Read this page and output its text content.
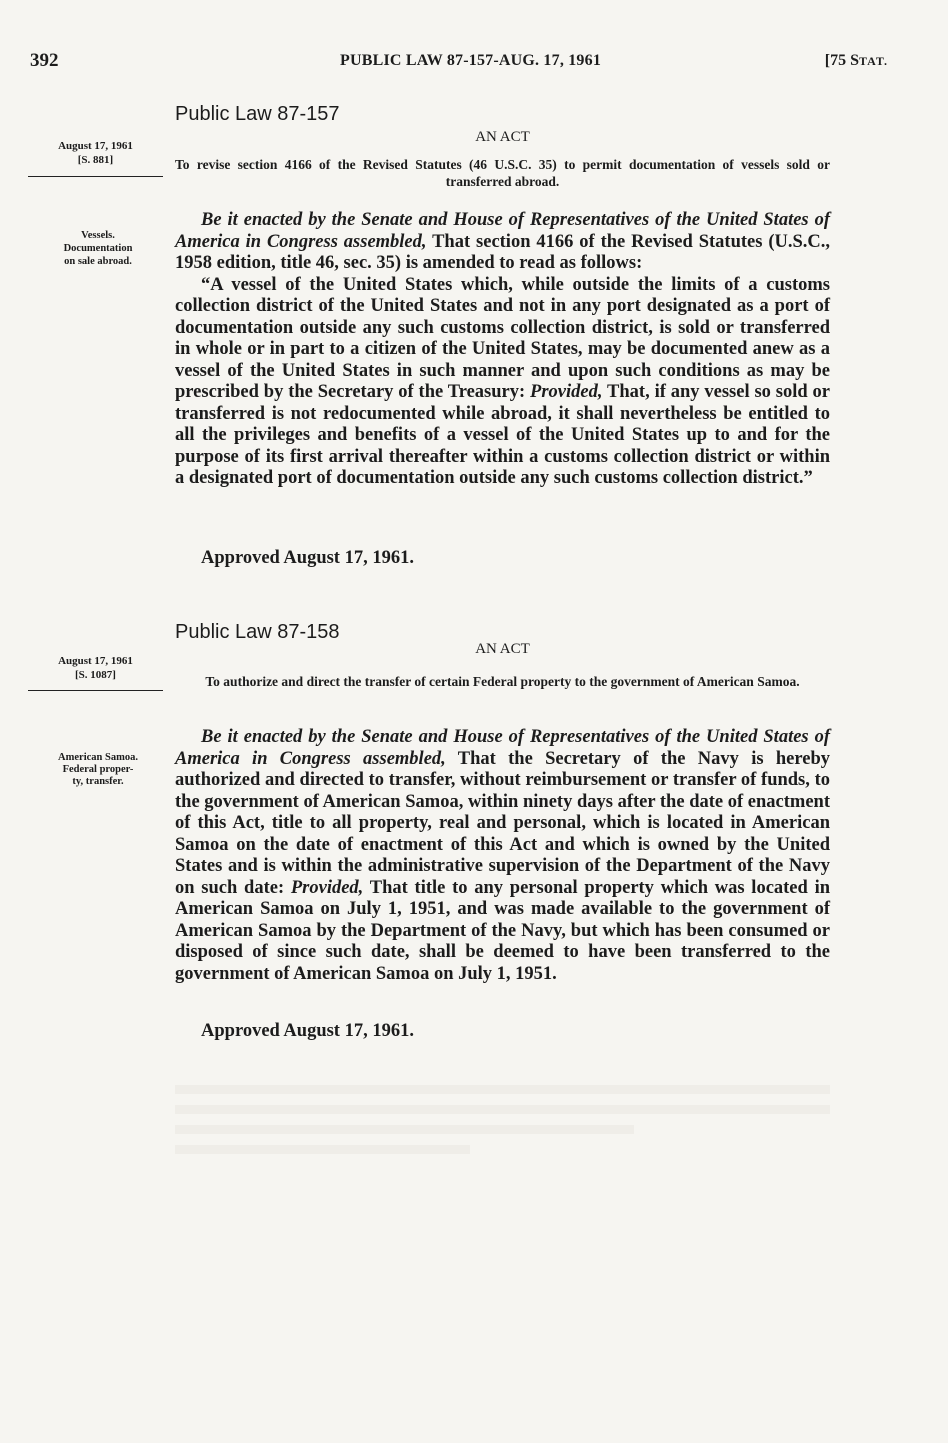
392	PUBLIC LAW 87-157-AUG. 17, 1961	[75 STAT.
Public Law 87-157
AN ACT
August 17, 1961
[S. 881]	To revise section 4166 of the Revised Statutes (46 U.S.C. 35) to permit documentation of vessels sold or transferred abroad.
Vessels.
Documentation
on sale abroad.

Be it enacted by the Senate and House of Representatives of the United States of America in Congress assembled, That section 4166 of the Revised Statutes (U.S.C., 1958 edition, title 46, sec. 35) is amended to read as follows:

“A vessel of the United States which, while outside the limits of a customs collection district of the United States and not in any port designated as a port of documentation outside any such customs collection district, is sold or transferred in whole or in part to a citizen of the United States, may be documented anew as a vessel of the United States in such manner and upon such conditions as may be prescribed by the Secretary of the Treasury: Provided, That, if any vessel so sold or transferred is not redocumented while abroad, it shall nevertheless be entitled to all the privileges and benefits of a vessel of the United States up to and for the purpose of its first arrival thereafter within a customs collection district or within a designated port of documentation outside any such customs collection district.”

Approved August 17, 1961.
Public Law 87-158
AN ACT
August 17, 1961
[S. 1087]	To authorize and direct the transfer of certain Federal property to the government of American Samoa.
American Samoa.
Federal proper-
ty, transfer.

Be it enacted by the Senate and House of Representatives of the United States of America in Congress assembled, That the Secretary of the Navy is hereby authorized and directed to transfer, without reimbursement or transfer of funds, to the government of American Samoa, within ninety days after the date of enactment of this Act, title to all property, real and personal, which is located in American Samoa on the date of enactment of this Act and which is owned by the United States and is within the administrative supervision of the Department of the Navy on such date: Provided, That title to any personal property which was located in American Samoa on July 1, 1951, and was made available to the government of American Samoa by the Department of the Navy, but which has been consumed or disposed of since such date, shall be deemed to have been transferred to the government of American Samoa on July 1, 1951.

Approved August 17, 1961.
